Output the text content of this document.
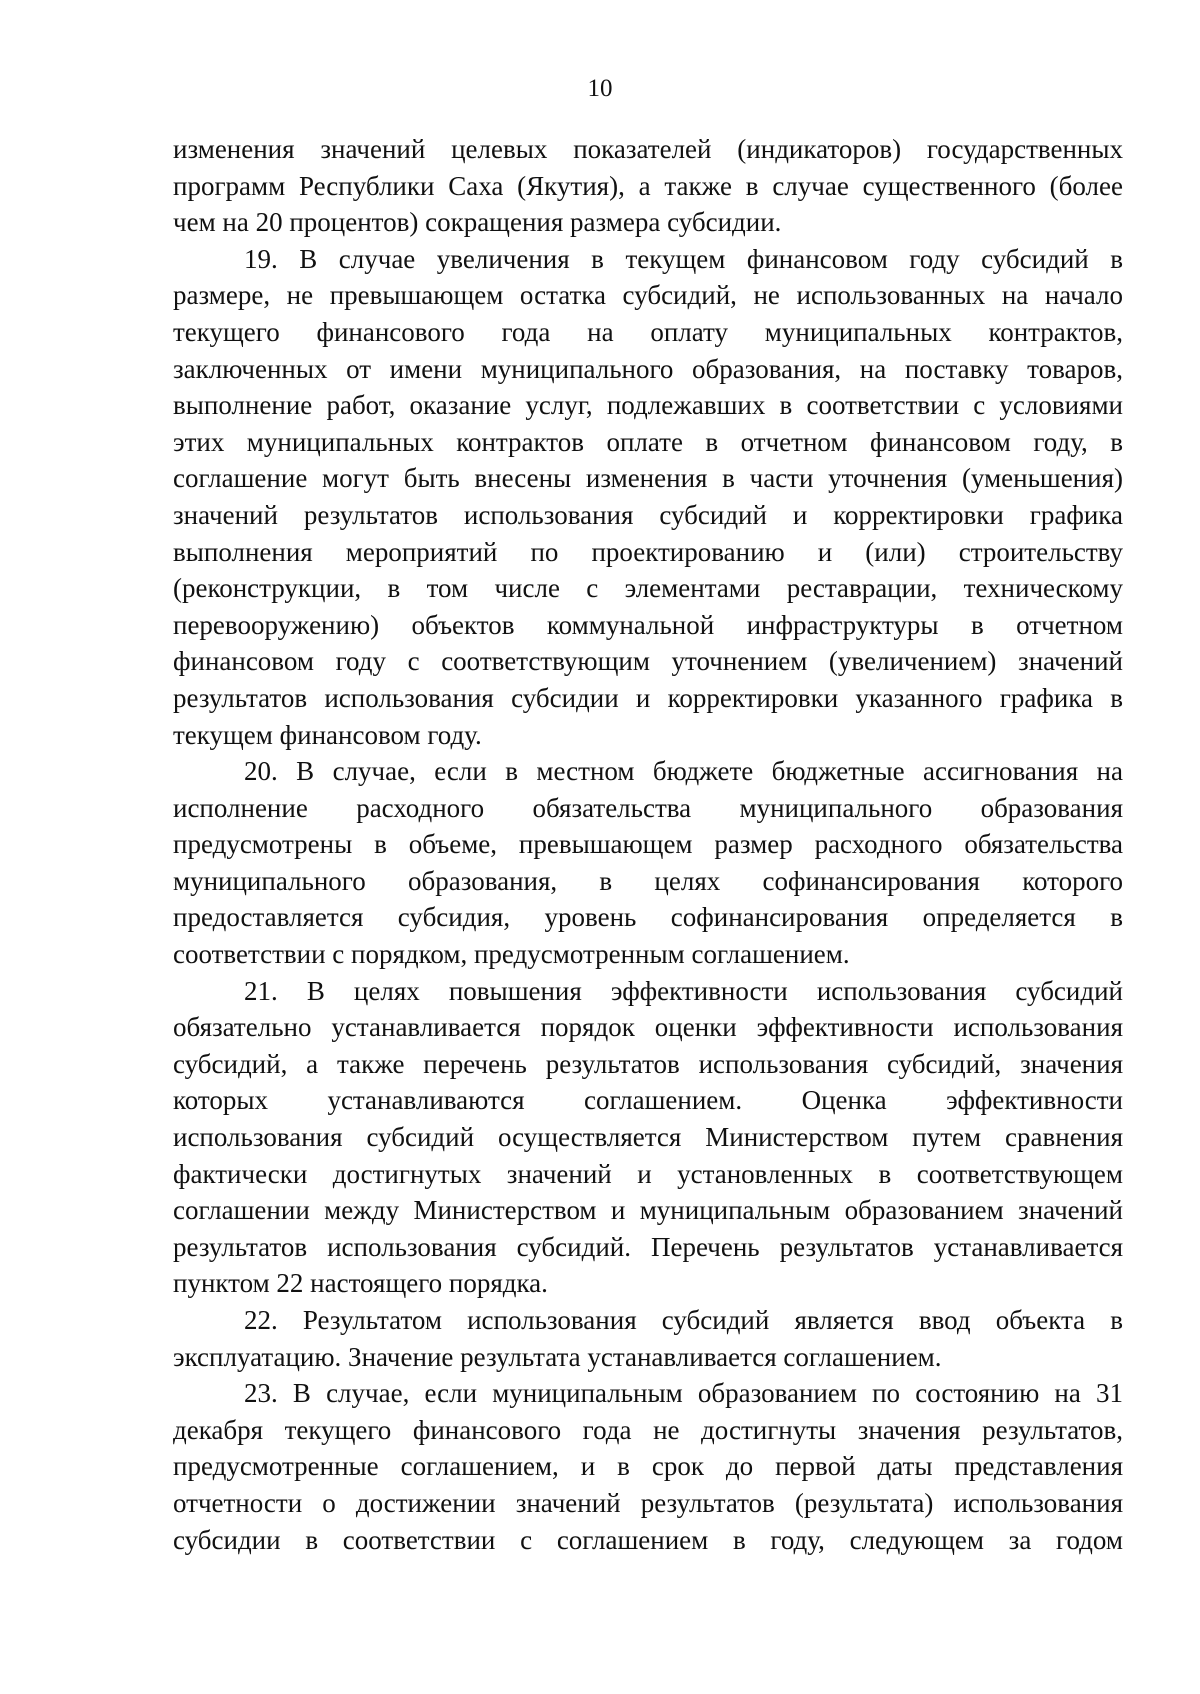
10
изменения значений целевых показателей (индикаторов) государственных
программ Республики Саха (Якутия), а также в случае существенного (более
чем на 20 процентов) сокращения размера субсидии.
19. В случае увеличения в текущем финансовом году субсидий в
размере, не превышающем остатка субсидий, не использованных на начало
текущего финансового года на оплату муниципальных контрактов,
заключенных от имени муниципального образования, на поставку товаров,
выполнение работ, оказание услуг, подлежавших в соответствии с условиями
этих муниципальных контрактов оплате в отчетном финансовом году, в
соглашение могут быть внесены изменения в части уточнения (уменьшения)
значений результатов использования субсидий и корректировки графика
выполнения мероприятий по проектированию и (или) строительству
(реконструкции, в том числе с элементами реставрации, техническому
перевооружению) объектов коммунальной инфраструктуры в отчетном
финансовом году с соответствующим уточнением (увеличением) значений
результатов использования субсидии и корректировки указанного графика в
текущем финансовом году.
20. В случае, если в местном бюджете бюджетные ассигнования на
исполнение расходного обязательства муниципального образования
предусмотрены в объеме, превышающем размер расходного обязательства
муниципального образования, в целях софинансирования которого
предоставляется субсидия, уровень софинансирования определяется в
соответствии с порядком, предусмотренным соглашением.
21. В целях повышения эффективности использования субсидий
обязательно устанавливается порядок оценки эффективности использования
субсидий, а также перечень результатов использования субсидий, значения
которых устанавливаются соглашением. Оценка эффективности
использования субсидий осуществляется Министерством путем сравнения
фактически достигнутых значений и установленных в соответствующем
соглашении между Министерством и муниципальным образованием значений
результатов использования субсидий. Перечень результатов устанавливается
пунктом 22 настоящего порядка.
22. Результатом использования субсидий является ввод объекта в
эксплуатацию. Значение результата устанавливается соглашением.
23. В случае, если муниципальным образованием по состоянию на 31
декабря текущего финансового года не достигнуты значения результатов,
предусмотренные соглашением, и в срок до первой даты представления
отчетности о достижении значений результатов (результата) использования
субсидии в соответствии с соглашением в году, следующем за годом
